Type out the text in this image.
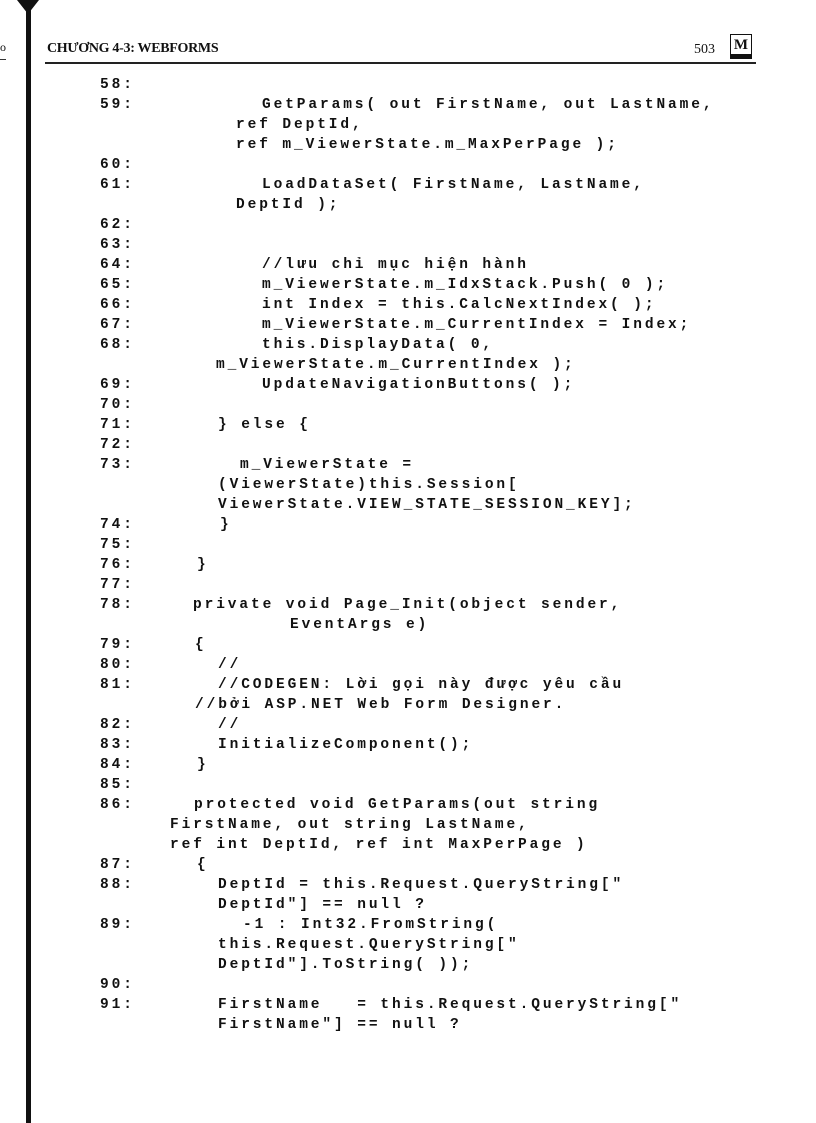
o	CHƯƠNG 4-3: WEBFORMS	503 M
58:
59:	GetParams( out FirstName, out LastName,
ref DeptId,
ref m_ViewerState.m_MaxPerPage );
60:
61:	LoadDataSet( FirstName, LastName,
DeptId );
62:
63:
64:	//lưu chỉ mục hiện hành
65:	m_ViewerState.m_IdxStack.Push( 0 );
66:	int Index = this.CalcNextIndex( );
67:	m_ViewerState.m_CurrentIndex = Index;
68:	this.DisplayData( 0,
m_ViewerState.m_CurrentIndex );
69:	UpdateNavigationButtons( );
70:
71:	} else {
72:
73:	m_ViewerState =
(ViewerState)this.Session[
ViewerState.VIEW_STATE_SESSION_KEY];
74:	}
75:
76:	}
77:
78:	private void Page_Init(object sender,
EventArgs e)
79:	{
80:	//
81:	//CODEGEN: Lời gọi này được yêu cầu
//bởi ASP.NET Web Form Designer.
82:	//
83:	InitializeComponent();
84:	}
85:
86:	protected void GetParams(out string
FirstName, out string LastName,
ref int DeptId, ref int MaxPerPage )
87:	{
88:	DeptId = this.Request.QueryString["
DeptId"] == null ?
89:	-1 : Int32.FromString(
this.Request.QueryString["
DeptId"].ToString( ));
90:
91:	FirstName   = this.Request.QueryString["
FirstName"] == null ?
